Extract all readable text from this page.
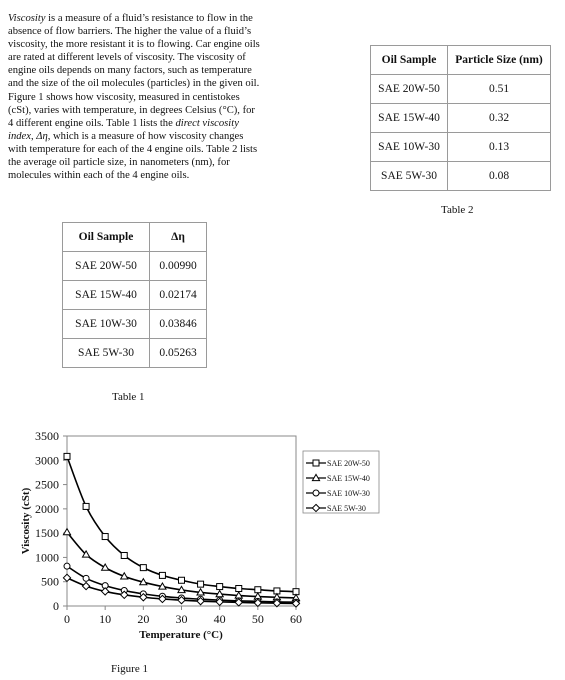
Viscosity is a measure of a fluid’s resistance to flow in the absence of flow barriers. The higher the value of a fluid’s viscosity, the more resistant it is to flowing. Car engine oils are rated at different levels of viscosity. The viscosity of engine oils depends on many factors, such as temperature and the size of the oil molecules (particles) in the given oil. Figure 1 shows how viscosity, measured in centistokes (cSt), varies with temperature, in degrees Celsius (°C), for 4 different engine oils. Table 1 lists the direct viscosity index, Δη, which is a measure of how viscosity changes with temperature for each of the 4 engine oils. Table 2 lists the average oil particle size, in nanometers (nm), for molecules within each of the 4 engine oils.

Oil Sample	Δη
SAE 20W-50	0.00990
SAE 15W-40	0.02174
SAE 10W-30	0.03846
SAE 5W-30	0.05263
Table 1
Oil Sample	Particle Size (nm)
SAE 20W-50	0.51
SAE 15W-40	0.32
SAE 10W-30	0.13
SAE 5W-30	0.08
Table 2
Viscosity (cSt)
Temperature (°C)
0
500
1000
1500
2000
2500
3000
3500
0 10 20 30 40 50 60
SAE 20W-50
SAE 15W-40
SAE 10W-30
SAE 5W-30
Figure 1
